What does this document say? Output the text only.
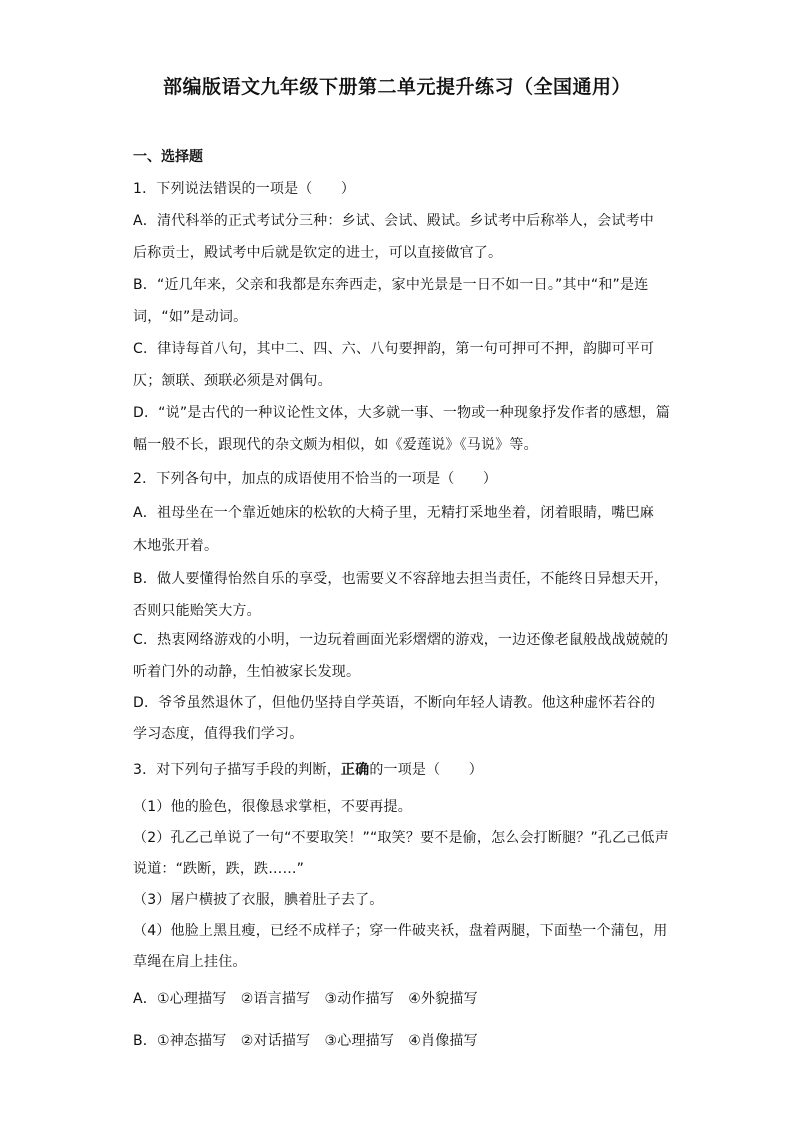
部编版语文九年级下册第二单元提升练习（全国通用）
一、选择题
1．下列说法错误的一项是（　　）
A．清代科举的正式考试分三种：乡试、会试、殿试。乡试考中后称举人，会试考中
后称贡士，殿试考中后就是钦定的进士，可以直接做官了。
B．“近几年来，父亲和我都是东奔西走，家中光景是一日不如一日。”其中“和”是连
词，“如”是动词。
C．律诗每首八句，其中二、四、六、八句要押韵，第一句可押可不押，韵脚可平可
仄；颔联、颈联必须是对偶句。
D．“说”是古代的一种议论性文体，大多就一事、一物或一种现象抒发作者的感想，篇
幅一般不长，跟现代的杂文颇为相似，如《爱莲说》《马说》等。
2．下列各句中，加点的成语使用不恰当的一项是（　　）
A．祖母坐在一个靠近她床的松软的大椅子里，无精打采地坐着，闭着眼睛，嘴巴麻
木地张开着。
B．做人要懂得怡然自乐的享受，也需要义不容辞地去担当责任，不能终日异想天开，
否则只能贻笑大方。
C．热衷网络游戏的小明，一边玩着画面光彩熠熠的游戏，一边还像老鼠般战战兢兢的
听着门外的动静，生怕被家长发现。
D．爷爷虽然退休了，但他仍坚持自学英语，不断向年轻人请教。他这种虚怀若谷的
学习态度，值得我们学习。
3．对下列句子描写手段的判断，正确的一项是（　　）
（1）他的脸色，很像恳求掌柜，不要再提。
（2）孔乙己单说了一句“不要取笑！”“取笑？要不是偷，怎么会打断腿？”孔乙己低声
说道：“跌断，跌，跌……”
（3）屠户横披了衣服，腆着肚子去了。
（4）他脸上黑且瘦，已经不成样子；穿一件破夹袄，盘着两腿，下面垫一个蒲包，用
草绳在肩上挂住。
A．①心理描写　②语言描写　③动作描写　④外貌描写
B．①神态描写　②对话描写　③心理描写　④肖像描写
